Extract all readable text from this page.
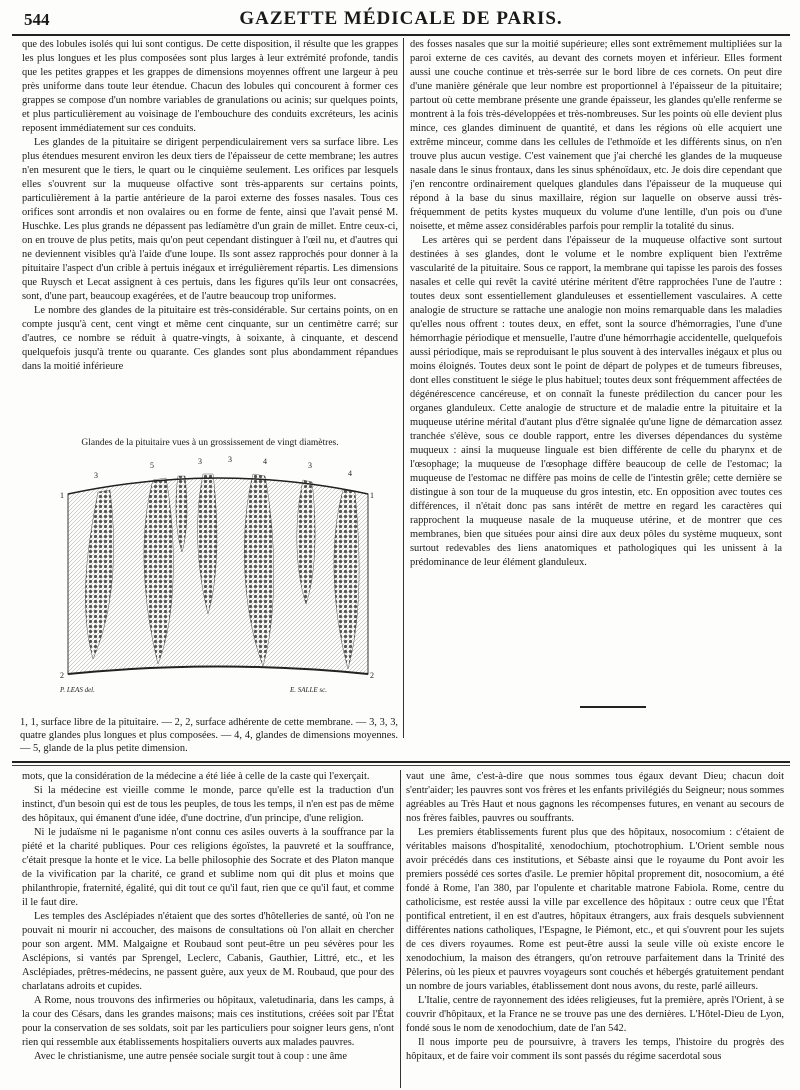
544	GAZETTE MÉDICALE DE PARIS.

que des lobules isolés qui lui sont contigus. De cette disposition, il résulte que les grappes les plus longues et les plus composées sont plus larges à leur extrémité profonde, tandis que les petites grappes et les grappes de dimensions moyennes offrent une largeur à peu près uniforme dans toute leur étendue. Chacun des lobules qui concourent à former ces grappes se compose d'un nombre variables de granulations ou acinis; sur quelques points, et plus particulièrement au voisinage de l'embouchure des conduits excréteurs, les acinis reposent immédiatement sur ces conduits.

Les glandes de la pituitaire se dirigent perpendiculairement vers sa surface libre. Les plus étendues mesurent environ les deux tiers de l'épaisseur de cette membrane; les autres n'en mesurent que le tiers, le quart ou le cinquième seulement. Les orifices par lesquels elles s'ouvrent sur la muqueuse olfactive sont très-apparents sur certains points, particulièrement à la partie antérieure de la paroi externe des fosses nasales. Tous ces orifices sont arrondis et non ovalaires ou en forme de fente, ainsi que l'avait pensé M. Huschke. Les plus grands ne dépassent pas ledíamètre d'un grain de millet. Entre ceux-ci, on en trouve de plus petits, mais qu'on peut cependant distinguer à l'œil nu, et d'autres qui ne deviennent visibles qu'à l'aide d'une loupe. Ils sont assez rapprochés pour donner à la pituitaire l'aspect d'un crible à pertuis inégaux et irrégulièrement répartis. Les dimensions que Ruysch et Lecat assignent à ces pertuis, dans les figures qu'ils leur ont consacrées, sont, d'une part, beaucoup exagérées, et de l'autre beaucoup trop uniformes.

Le nombre des glandes de la pituitaire est très-considérable. Sur certains points, on en compte jusqu'à cent, cent vingt et même cent cinquante, sur un centimètre carré; sur d'autres, ce nombre se réduit à quatre-vingts, à soixante, à cinquante, et descend quelquefois jusqu'à trente ou quarante. Ces glandes sont plus abondamment répandues dans la moitié inférieure

Glandes de la pituitaire vues à un grossissement de vingt diamètres.
3
5	3	3	4	3
4
1	1
2	2
P. LEAS del.	E. SALLE sc.
1, 1, surface libre de la pituitaire. — 2, 2, surface adhérente de cette membrane. — 3, 3, 3, quatre glandes plus longues et plus composées. — 4, 4, glandes de dimensions moyennes. — 5, glande de la plus petite dimension.

des fosses nasales que sur la moitié supérieure; elles sont extrêmement multipliées sur la paroi externe de ces cavités, au devant des cornets moyen et inférieur. Elles forment aussi une couche continue et très-serrée sur le bord libre de ces cornets. On peut dire d'une manière générale que leur nombre est proportionnel à l'épaisseur de la pituitaire; partout où cette membrane présente une grande épaisseur, les glandes qu'elle renferme se montrent à la fois très-développées et très-nombreuses. Sur les points où elle devient plus mince, ces glandes diminuent de quantité, et dans les régions où elle acquiert une extrême minceur, comme dans les cellules de l'ethmoïde et les différents sinus, on n'en trouve plus aucun vestige. C'est vainement que j'ai cherché les glandes de la muqueuse nasale dans le sinus frontaux, dans les sinus sphénoïdaux, etc. Je dois dire cependant que j'en rencontre ordinairement quelques glandules dans l'épaisseur de la muqueuse qui répond à la base du sinus maxillaire, région sur laquelle on observe aussi très-fréquemment de petits kystes muqueux du volume d'une lentille, d'un pois ou d'une noisette, et même assez considérables parfois pour remplir la totalité du sinus.

Les artères qui se perdent dans l'épaisseur de la muqueuse olfactive sont surtout destinées à ses glandes, dont le volume et le nombre expliquent bien l'extrême vascularité de la pituitaire. Sous ce rapport, la membrane qui tapisse les parois des fosses nasales et celle qui revêt la cavité utérine méritent d'être rapprochées l'une de l'autre : toutes deux sont essentiellement glanduleuses et essentiellement vasculaires. A cette analogie de structure se rattache une analogie non moins remarquable dans les maladies qu'elles nous offrent : toutes deux, en effet, sont la source d'hémorragies, l'une d'une hémorrhagie périodique et mensuelle, l'autre d'une hémorrhagie accidentelle, quelquefois aussi périodique, mais se reproduisant le plus souvent à des intervalles inégaux et plus ou moins éloignés. Toutes deux sont le point de départ de polypes et de tumeurs fibreuses, dont elles constituent le siége le plus habituel; toutes deux sont fréquemment affectées de dégénérescence cancéreuse, et on connaît la funeste prédilection du cancer pour les organes glanduleux. Cette analogie de structure et de maladie entre la pituitaire et la muqueuse utérine mérital d'autant plus d'être signalée qu'une ligne de démarcation assez tranchée s'élève, sous ce double rapport, entre les diverses dépendances du système muqueux : ainsi la muqueuse linguale est bien différente de celle du pharynx et de l'œsophage; la muqueuse de l'œsophage diffère beaucoup de celle de l'estomac; la muqueuse de l'estomac ne diffère pas moins de celle de l'intestin grêle; cette dernière se distingue à son tour de la muqueuse du gros intestin, etc. En opposition avec toutes ces différences, il n'était donc pas sans intérêt de mettre en regard les caractères qui rapprochent la muqueuse nasale de la muqueuse utérine, et de montrer que ces membranes, bien que situées pour ainsi dire aux deux pôles du système muqueux, sont surtout redevables des liens anatomiques et pathologiques qui les unissent à la prédominance de leur élément glanduleux.

mots, que la considération de la médecine a été liée à celle de la caste qui l'exerçait.

Si la médecine est vieille comme le monde, parce qu'elle est la traduction d'un instinct, d'un besoin qui est de tous les peuples, de tous les temps, il n'en est pas de même des hôpitaux, qui émanent d'une idée, d'une doctrine, d'un principe, d'une religion.

Ni le judaïsme ni le paganisme n'ont connu ces asiles ouverts à la souffrance par la piété et la charité publiques. Pour ces religions égoïstes, la pauvreté et la souffrance, c'était presque la honte et le vice. La belle philosophie des Socrate et des Platon manque de la vivification par la charité, ce grand et sublime nom qui dit plus et moins que philanthropie, fraternité, égalité, qui dit tout ce qu'il faut, rien que ce qu'il faut, et comme il le faut dire.

Les temples des Asclépiades n'étaient que des sortes d'hôtelleries de santé, où l'on ne pouvait ni mourir ni accoucher, des maisons de consultations où l'on allait en chercher pour son argent. MM. Malgaigne et Roubaud sont peut-être un peu sévères pour les Asclépions, si vantés par Sprengel, Leclerc, Cabanis, Gauthier, Littré, etc., et les Asclépiades, prêtres-médecins, ne passent guère, aux yeux de M. Roubaud, que pour des charlatans adroits et cupides.

A Rome, nous trouvons des infirmeries ou hôpitaux, valetudinaria, dans les camps, à la cour des Césars, dans les grandes maisons; mais ces institutions, créées soit par l'État pour la conservation de ses soldats, soit par les particuliers pour soigner leurs gens, n'ont rien qui ressemble aux établissements hospitaliers ouverts aux malades pauvres.

Avec le christianisme, une autre pensée sociale surgit tout à coup : une âme

vaut une âme, c'est-à-dire que nous sommes tous égaux devant Dieu; chacun doit s'entr'aider; les pauvres sont vos frères et les enfants privilégiés du Seigneur; nous sommes agréables au Très Haut et nous gagnons les récompenses futures, en venant au secours de nos frères faibles, pauvres ou souffrants.

Les premiers établissements furent plus que des hôpitaux, nosocomium : c'étaient de véritables maisons d'hospitalité, xenodochium, ptochotrophium. L'Orient semble nous avoir précédés dans ces institutions, et Sébaste ainsi que le royaume du Pont avoir les premiers possédé ces sortes d'asile. Le premier hôpital proprement dit, nosocomium, a été fondé à Rome, l'an 380, par l'opulente et charitable matrone Fabiola. Rome, centre du catholicisme, est restée aussi la ville par excellence des hôpitaux : outre ceux que l'État pontifical entretient, il en est d'autres, hôpitaux étrangers, aux frais desquels subviennent différentes nations catholiques, l'Espagne, le Piémont, etc., et qui s'ouvrent pour les sujets de ces divers royaumes. Rome est peut-être aussi la seule ville où existe encore le xenodochium, la maison des étrangers, qu'on retrouve parfaitement dans la Trinité des Pèlerins, où les pieux et pauvres voyageurs sont couchés et hébergés gratuitement pendant un nombre de jours variables, établissement dont nous avons, du reste, parlé ailleurs.

L'Italie, centre de rayonnement des idées religieuses, fut la première, après l'Orient, à se couvrir d'hôpitaux, et la France ne se trouve pas une des dernières. L'Hôtel-Dieu de Lyon, fondé sous le nom de xenodochium, date de l'an 542.

Il nous importe peu de poursuivre, à travers les temps, l'histoire du progrès des hôpitaux, et de faire voir comment ils sont passés du régime sacerdotal sous
